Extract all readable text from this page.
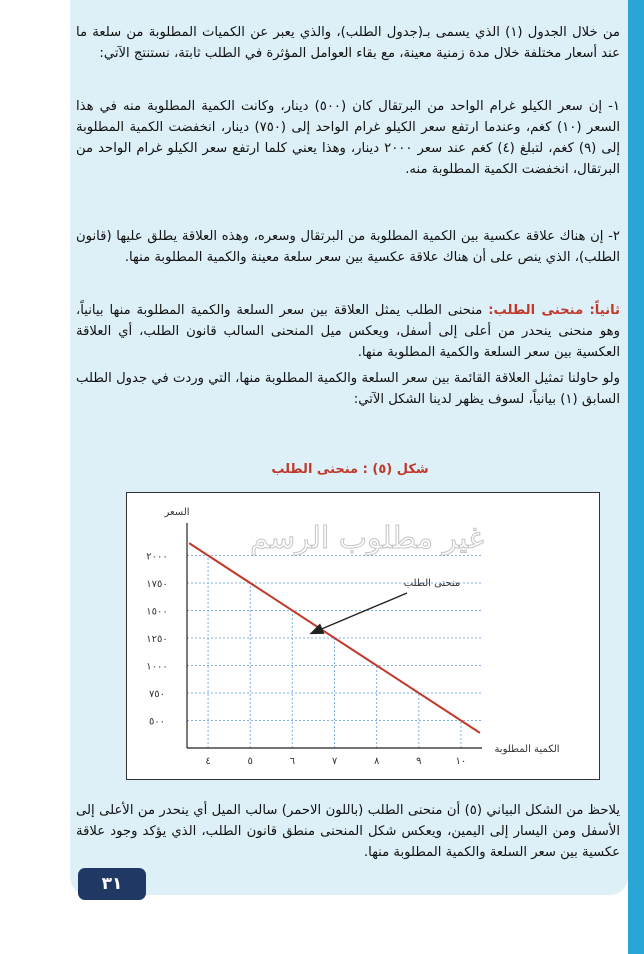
من خلال الجدول (١) الذي يسمى بـ(جدول الطلب)، والذي يعبر عن الكميات المطلوبة من سلعة ما عند أسعار مختلفة خلال مدة زمنية معينة، مع بقاء العوامل المؤثرة في الطلب ثابتة، نستنتج الآتي:

١- إن سعر الكيلو غرام الواحد من البرتقال كان (٥٠٠) دينار، وكانت الكمية المطلوبة منه في هذا السعر (١٠) كغم، وعندما ارتفع سعر الكيلو غرام الواحد إلى (٧٥٠) دينار، انخفضت الكمية المطلوبة إلى (٩) كغم، لتبلغ (٤) كغم عند سعر ٢٠٠٠ دينار، وهذا يعني كلما ارتفع سعر الكيلو غرام الواحد من البرتقال، انخفضت الكمية المطلوبة منه.

٢- إن هناك علاقة عكسية بين الكمية المطلوبة من البرتقال وسعره، وهذه العلاقة يطلق عليها (قانون الطلب)، الذي ينص على أن هناك علاقة عكسية بين سعر سلعة معينة والكمية المطلوبة منها.

ثانياً: منحنى الطلب: منحنى الطلب يمثل العلاقة بين سعر السلعة والكمية المطلوبة منها بيانياً، وهو منحنى ينحدر من أعلى إلى أسفل، ويعكس ميل المنحنى السالب قانون الطلب، أي العلاقة العكسية بين سعر السلعة والكمية المطلوبة منها.

ولو حاولنا تمثيل العلاقة القائمة بين سعر السلعة والكمية المطلوبة منها، التي وردت في جدول الطلب السابق (١) بيانياً، لسوف يظهر لدينا الشكل الآتي:

شكل (٥) : منحنى الطلب
غير مطلوب الرسم
٥٠٠
٧٥٠
١٠٠٠
١٢٥٠
١٥٠٠
١٧٥٠
٢٠٠٠
٤	٥	٦	٧	٨	٩	١٠
السعر
الكمية المطلوبة
منحنى الطلب

يلاحظ من الشكل البياني (٥) أن منحنى الطلب (باللون الاحمر) سالب الميل أي ينحدر من الأعلى إلى الأسفل ومن اليسار إلى اليمين، ويعكس شكل المنحنى منطق قانون الطلب، الذي يؤكد وجود علاقة عكسية بين سعر السلعة والكمية المطلوبة منها.

٣١
